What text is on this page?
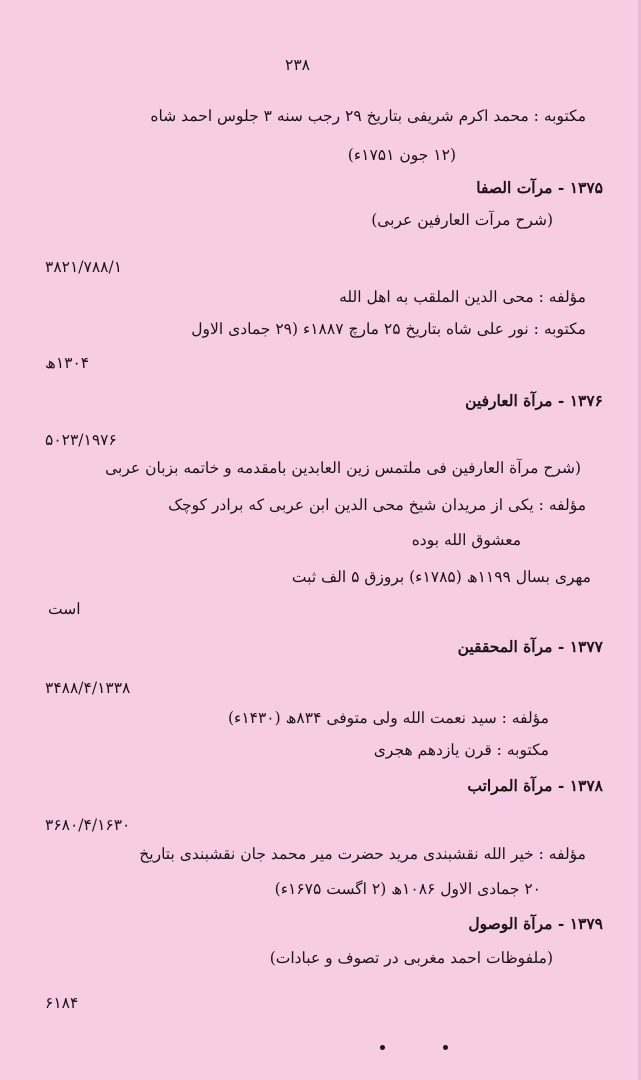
۲۳۸
مکتوبه : محمد اکرم شریفی بتاریخ ۲۹ رجب سنه ۳ جلوس احمد شاه
(۱۲ جون ۱۷۵۱ء)
۱۳۷۵ - مرآت الصفا
(شرح مرآت العارفین عربی)
۳۸۲۱/۷۸۸/۱
مؤلفه : محی الدین الملقب به اهل الله
مکتوبه : نور علی شاه بتاریخ ۲۵ مارچ ۱۸۸۷ء (۲۹ جمادی الاول
۱۳۰۴ھ
۱۳۷۶ - مرآة العارفین
۵۰۲۳/۱۹۷۶
(شرح مرآة العارفین فی ملتمس زین العابدین بامقدمه و خاتمه بزبان عربی
مؤلفه : یکی از مریدان شیخ محی الدین ابن عربی که برادر کوچک
معشوق الله بوده
مهری بسال ۱۱۹۹ھ (۱۷۸۵ء) بروزق ۵ الف ثبت
است
۱۳۷۷ - مرآة المحققین
۳۴۸۸/۴/۱۳۳۸
مؤلفه : سید نعمت الله ولی متوفی ۸۳۴ھ (۱۴۳۰ء)
مکتوبه : قرن یازدهم هجری
۱۳۷۸ - مرآة المراتب
۳۶۸۰/۴/۱۶۳۰
مؤلفه : خیر الله نقشبندی مرید حضرت میر محمد جان نقشبندی بتاریخ
۲۰ جمادی الاول ۱۰۸۶ھ (۲ اگست ۱۶۷۵ء)
۱۳۷۹ - مرآة الوصول
(ملفوظات احمد مغربی در تصوف و عبادات)
۶۱۸۴
